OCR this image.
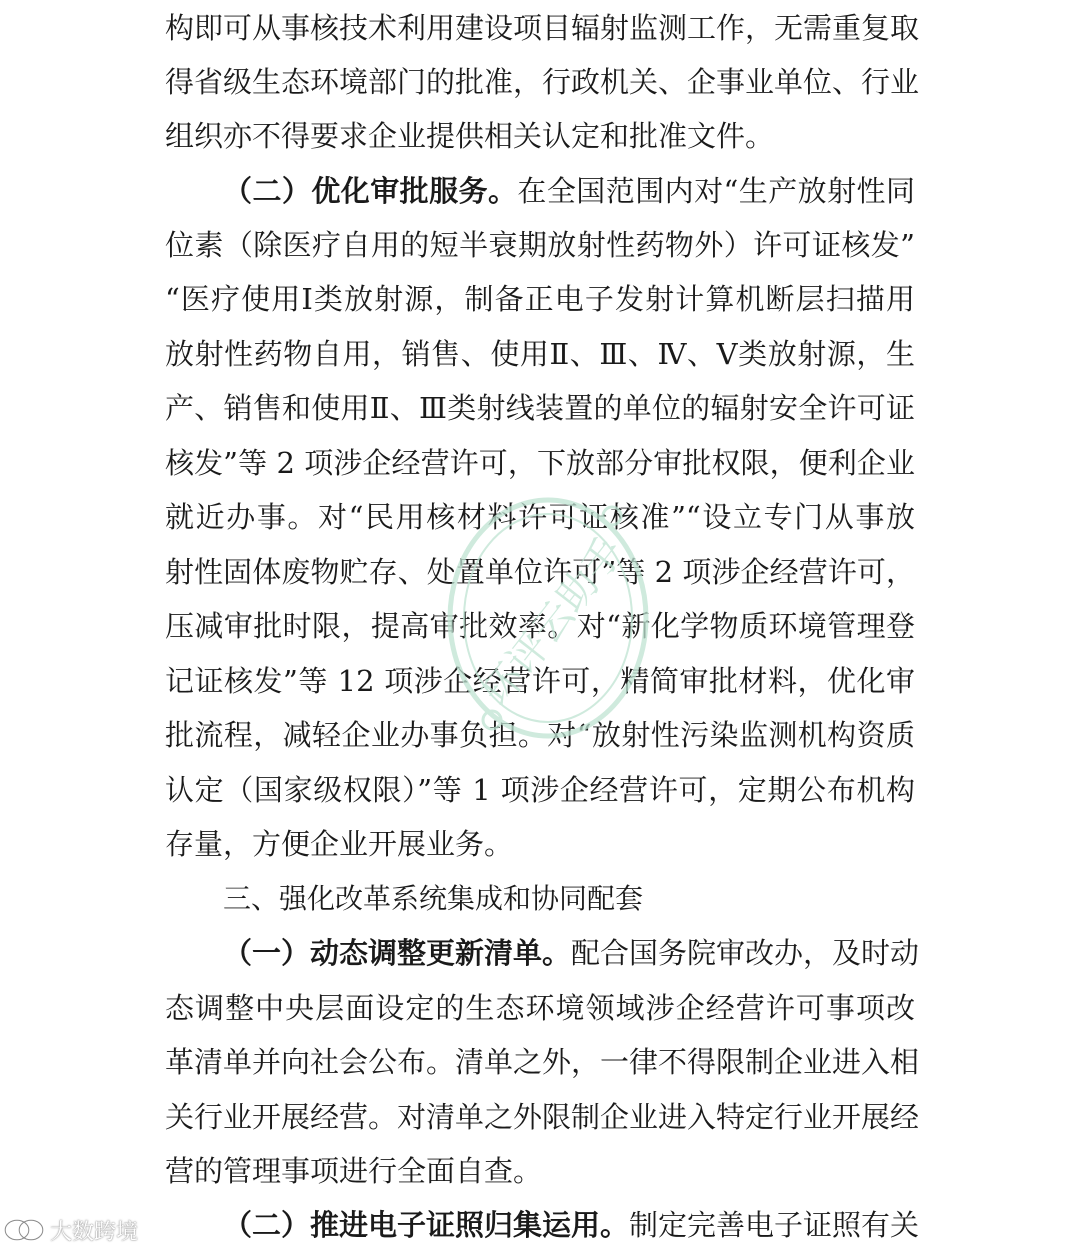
构即可从事核技术利用建设项目辐射监测工作，无需重复取
得省级生态环境部门的批准，行政机关、企事业单位、行业
组织亦不得要求企业提供相关认定和批准文件。
（二）优化审批服务。在全国范围内对“生产放射性同
位素（除医疗自用的短半衰期放射性药物外）许可证核发”
“医疗使用Ⅰ类放射源，制备正电子发射计算机断层扫描用
放射性药物自用，销售、使用Ⅱ、Ⅲ、Ⅳ、Ⅴ类放射源，生
产、销售和使用Ⅱ、Ⅲ类射线装置的单位的辐射安全许可证
核发”等 2 项涉企经营许可，下放部分审批权限，便利企业
就近办事。对“民用核材料许可证核准”“设立专门从事放
射性固体废物贮存、处置单位许可”等 2 项涉企经营许可，
压减审批时限，提高审批效率。对“新化学物质环境管理登
记证核发”等 12 项涉企经营许可，精简审批材料，优化审
批流程，减轻企业办事负担。对“放射性污染监测机构资质
认定（国家级权限）”等 1 项涉企经营许可，定期公布机构
存量，方便企业开展业务。
三、强化改革系统集成和协同配套
（一）动态调整更新清单。配合国务院审改办，及时动
态调整中央层面设定的生态环境领域涉企经营许可事项改
革清单并向社会公布。清单之外，一律不得限制企业进入相
关行业开展经营。对清单之外限制企业进入特定行业开展经
营的管理事项进行全面自查。
（二）推进电子证照归集运用。制定完善电子证照有关
环评云助手
大数跨境
